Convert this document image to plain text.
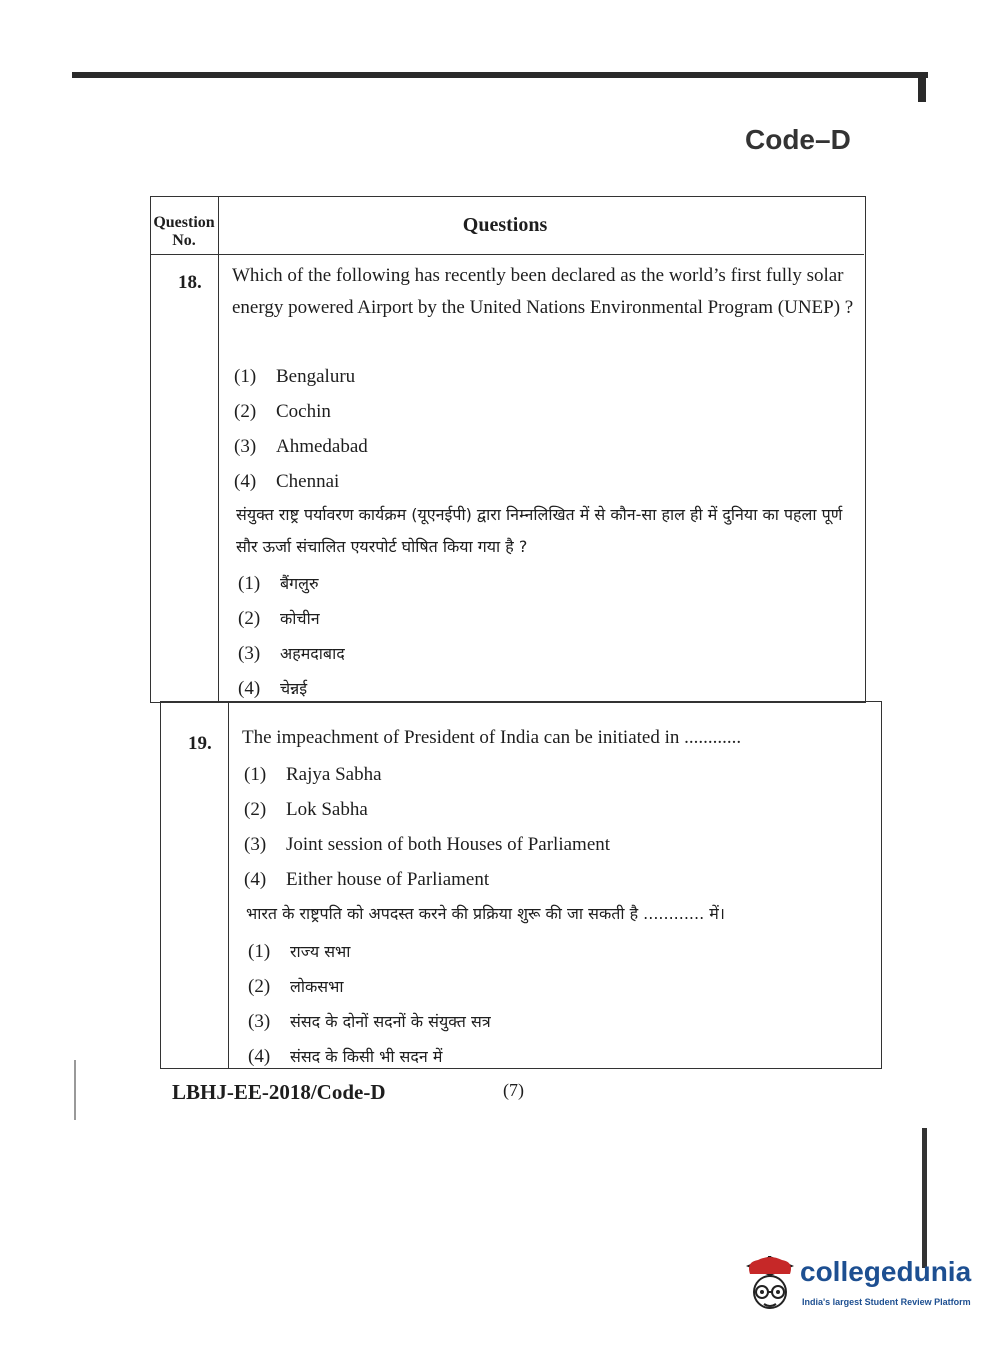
Code–D
Question No.
Questions
18. Which of the following has recently been declared as the world’s first fully solar energy powered Airport by the United Nations Environmental Program (UNEP) ?
(1) Bengaluru
(2) Cochin
(3) Ahmedabad
(4) Chennai
संयुक्त राष्ट्र पर्यावरण कार्यक्रम (यूएनईपी) द्वारा निम्नलिखित में से कौन-सा हाल ही में दुनिया का पहला पूर्ण सौर ऊर्जा संचालित एयरपोर्ट घोषित किया गया है ?
(1) बैंगलुरु
(2) कोचीन
(3) अहमदाबाद
(4) चेन्नई
19. The impeachment of President of India can be initiated in ............
(1) Rajya Sabha
(2) Lok Sabha
(3) Joint session of both Houses of Parliament
(4) Either house of Parliament
भारत के राष्ट्रपति को अपदस्त करने की प्रक्रिया शुरू की जा सकती है ............ में।
(1) राज्य सभा
(2) लोकसभा
(3) संसद के दोनों सदनों के संयुक्त सत्र
(4) संसद के किसी भी सदन में
LBHJ-EE-2018/Code-D	(7)
collegedunia
India's largest Student Review Platform
